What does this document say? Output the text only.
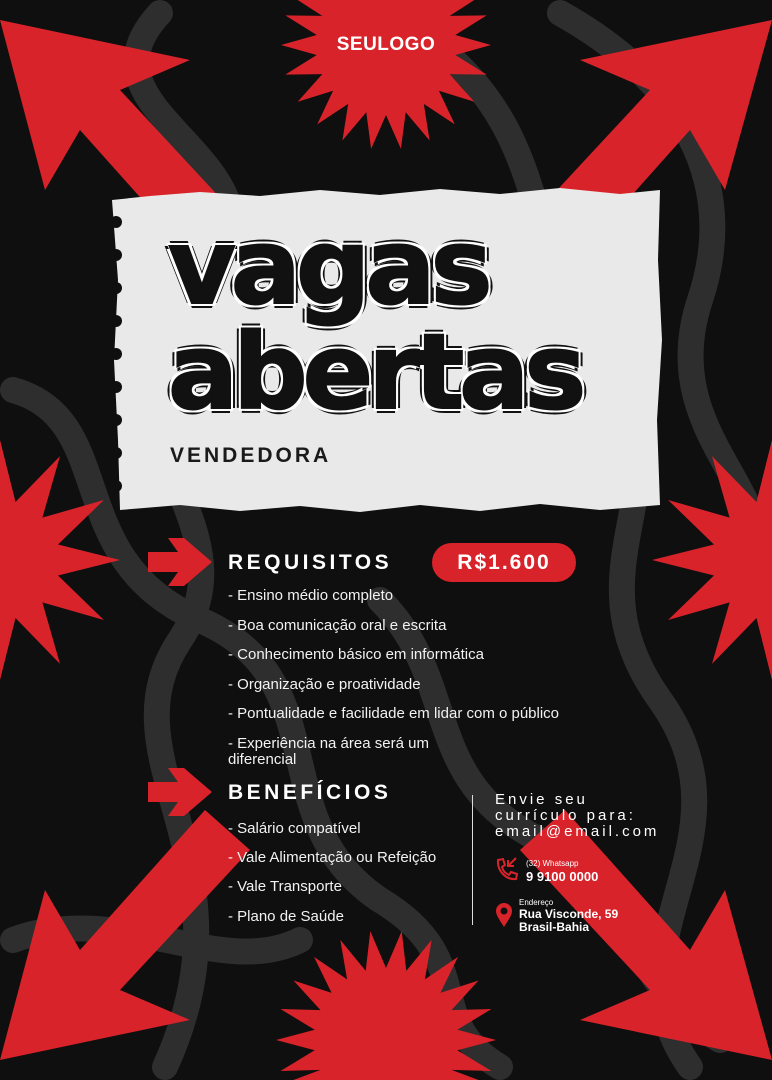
SEULOGO
vagas
abertas
VENDEDORA
REQUISITOS	R$1.600
- Ensino médio completo
- Boa comunicação oral e escrita
- Conhecimento básico em informática
- Organização e proatividade
- Pontualidade e facilidade em lidar com o público
- Experiência na área será um diferencial
BENEFÍCIOS
- Salário compatível
- Vale Alimentação ou Refeição
- Vale Transporte
- Plano de Saúde
Envie seu
currículo para:
email@email.com
(32) Whatsapp
9 9100 0000
Endereço
Rua Visconde, 59
Brasil-Bahia
